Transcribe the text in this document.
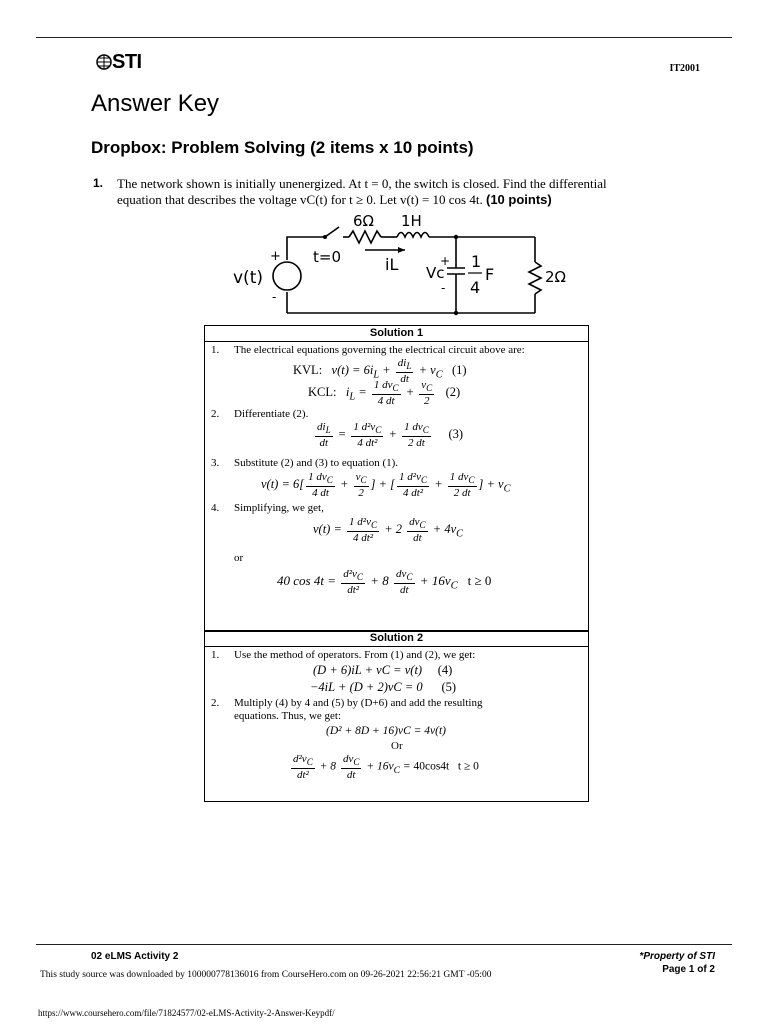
STI	IT2001
Answer Key
Dropbox: Problem Solving (2 items x 10 points)
1. The network shown is initially unenergized. At t = 0, the switch is closed. Find the differential
equation that describes the voltage vC(t) for t ≥ 0. Let v(t) = 10 cos 4t. (10 points)
v(t)
+
-
t=0
6Ω 1H
iL Vc
+
-
1
4
F	2Ω
Solution 1
1. The electrical equations governing the electrical circuit above are:
KVL:   $v(t) = 6i_L + \frac{di_L}{dt} + v_C$ (1)
KCL:   $i_L = \frac{1 dv_C}{4 dt} + \frac{v_C}{2} (2)$
2. Differentiate (2).
$\frac{di_L}{dt} = \frac{1 d^2v_C}{\text{4 dt²}} + \frac{1 dv_C}{2 dt} (3)$
3. Substitute (2) and (3) to equation (1).
$v(t) = 6[ \frac{1 dv_C}{4 dt} + \frac{v_C}{2}$ ] + [ $\frac{1 d^2v_C}{\text{4 dt²}} + \frac{1 dv_C}{2 dt}$ ] + $v_C$
4. Simplifying, we get,
$v(t) = \frac{1 d^2v_C}{\text{4 dt²}} + 2 \frac{dv_C}{dt} + 4v_C$
or
40 $\cos 4t = \frac{d^2v_C}{\text{dt²}} + 8 \frac{dv_C}{dt} + 16v_C$ t ≥ 0
Solution 2
1. Use the method of operators. From (1) and (2), we get:
(D + 6)iL + vC = v(t) (4)
−4iL + (D + 2)vC = 0 (5)
2. Multiply (4) by 4 and (5) by (D+6) and add the resulting
equations. Thus, we get:
(D² + 8D + 16)vC = 4v(t)
Or
$\frac{d^2v_C}{\text{dt²}} + 8 \frac{dv_C}{dt} + 16v_C = 40\cos 4t$ t ≥ 0
02 eLMS Activity 2	*Property of STI
Page 1 of 2
This study source was downloaded by 100000778136016 from CourseHero.com on 09-26-2021 22:56:21 GMT -05:00
https://www.coursehero.com/file/71824577/02-eLMS-Activity-2-Answer-Keypdf/
